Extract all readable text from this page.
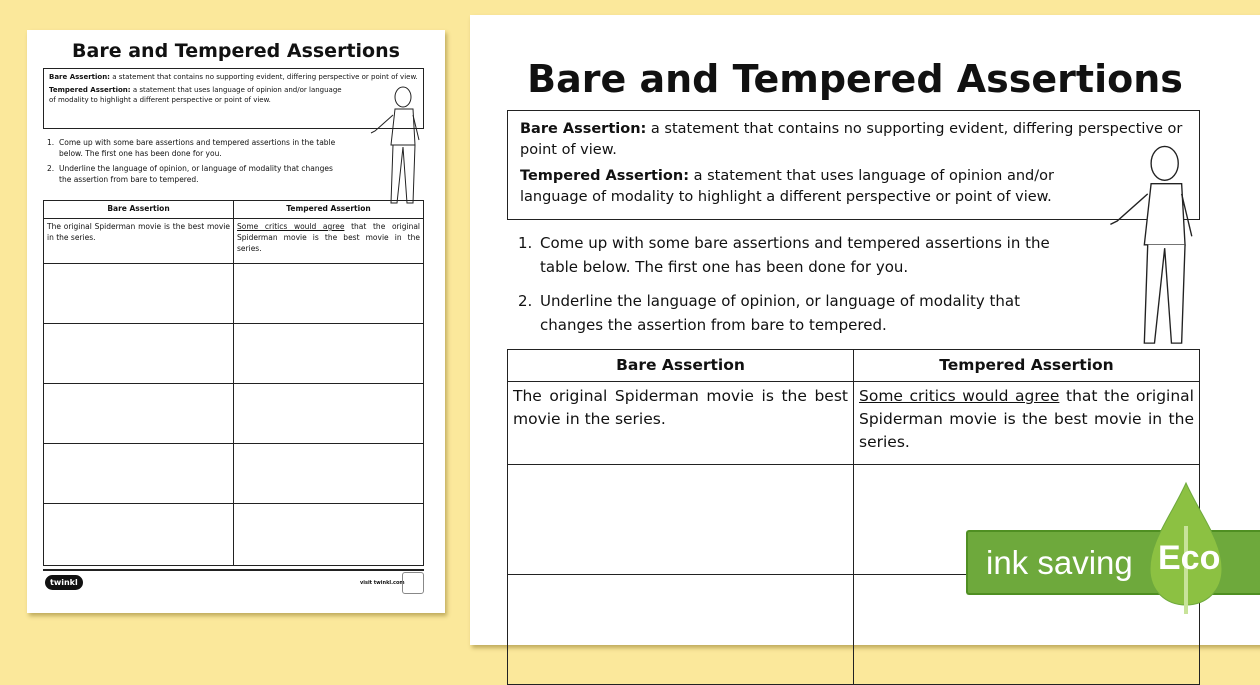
Bare and Tempered Assertions

Bare Assertion: a statement that contains no supporting evident, differing perspective or point of view.

Tempered Assertion: a statement that uses language of opinion and/or language of modality to highlight a different perspective or point of view.

1. Come up with some bare assertions and tempered assertions in the table below. The first one has been done for you.
2. Underline the language of opinion, or language of modality that changes the assertion from bare to tempered.
Bare Assertion	Tempered Assertion
The original Spiderman movie is the best movie in the series.	Some critics would agree that the original Spiderman movie is the best movie in the series.

twinkl	visit twinkl.com
Bare and Tempered Assertions

Bare Assertion: a statement that contains no supporting evident, differing perspective or point of view.

Tempered Assertion: a statement that uses language of opinion and/or language of modality to highlight a different perspective or point of view.

1. Come up with some bare assertions and tempered assertions in the table below. The first one has been done for you.
2. Underline the language of opinion, or language of modality that changes the assertion from bare to tempered.
Bare Assertion	Tempered Assertion
The original Spiderman movie is the best movie in the series.	Some critics would agree that the original Spiderman movie is the best movie in the series.

ink saving Eco
